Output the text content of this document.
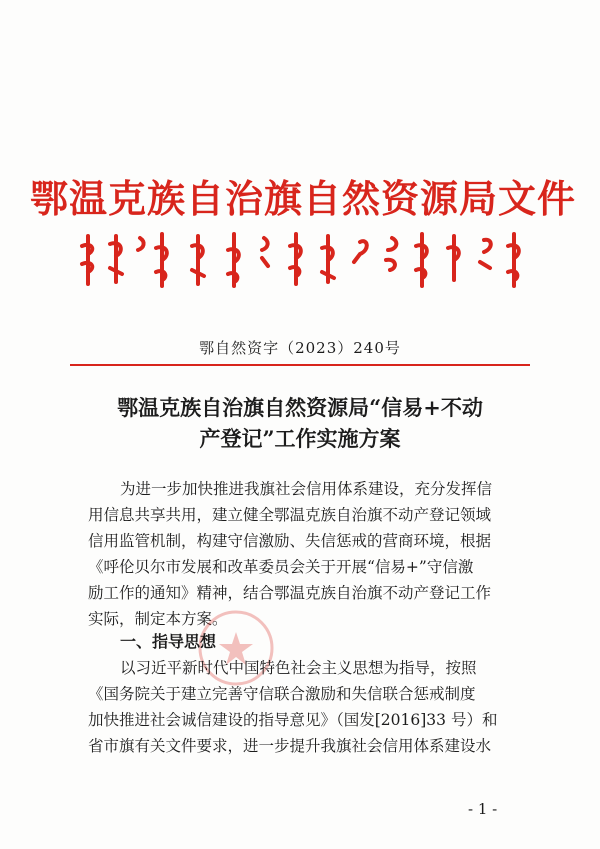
鄂温克族自治旗自然资源局文件
鄂自然资字（2023）240号
鄂温克族自治旗自然资源局“信易+不动
产登记”工作实施方案
为进一步加快推进我旗社会信用体系建设，充分发挥信
用信息共享共用，建立健全鄂温克族自治旗不动产登记领域
信用监管机制，构建守信激励、失信惩戒的营商环境，根据
《呼伦贝尔市发展和改革委员会关于开展“信易+”守信激
励工作的通知》精神，结合鄂温克族自治旗不动产登记工作
实际，制定本方案。
一、指导思想
以习近平新时代中国特色社会主义思想为指导，按照
《国务院关于建立完善守信联合激励和失信联合惩戒制度
加快推进社会诚信建设的指导意见》（国发[2016]33 号）和
省市旗有关文件要求，进一步提升我旗社会信用体系建设水
- 1 -
